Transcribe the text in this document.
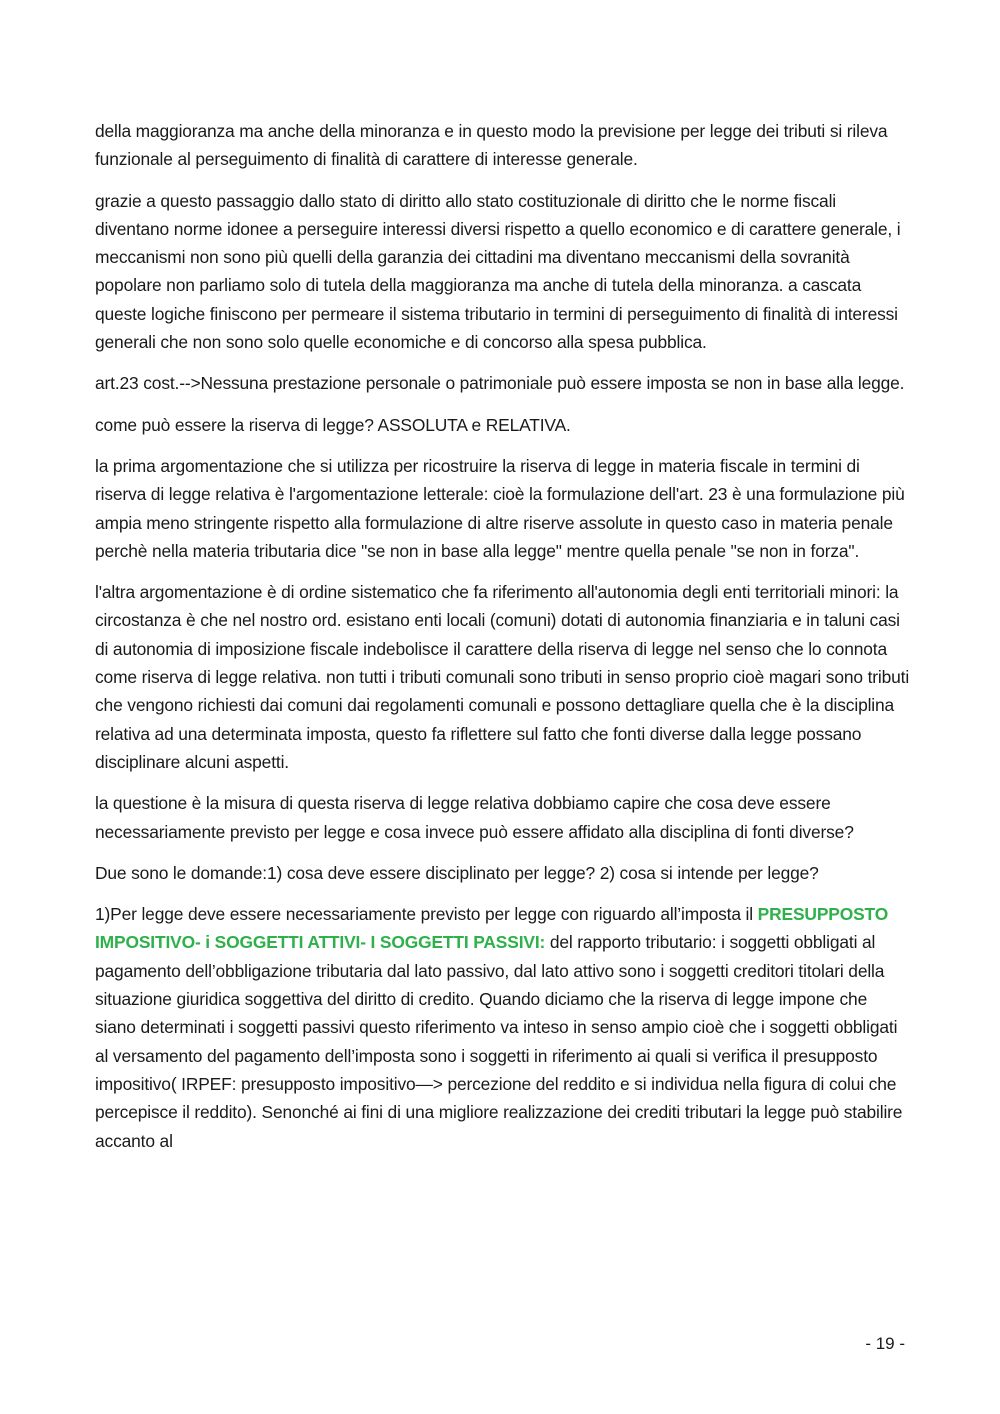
della maggioranza ma anche della minoranza e in questo modo la previsione per legge dei tributi si rileva funzionale al perseguimento di finalità di carattere di interesse generale.

grazie a questo passaggio dallo stato di diritto allo stato costituzionale di diritto che le norme fiscali diventano norme idonee a perseguire interessi diversi rispetto a quello economico e di carattere generale, i meccanismi non sono più quelli della garanzia dei cittadini ma diventano meccanismi della sovranità popolare non parliamo solo di tutela della maggioranza ma anche di tutela della minoranza. a cascata queste logiche finiscono per permeare il sistema tributario in termini di perseguimento di finalità di interessi generali che non sono solo quelle economiche e di concorso alla spesa pubblica.

art.23 cost.-->Nessuna prestazione personale o patrimoniale può essere imposta se non in base alla legge.

come può essere la riserva di legge? ASSOLUTA e RELATIVA.

la prima argomentazione che si utilizza per ricostruire la riserva di legge in materia fiscale in termini di riserva di legge relativa è l'argomentazione letterale: cioè la formulazione dell'art. 23 è una formulazione più ampia meno stringente rispetto alla formulazione di altre riserve assolute in questo caso in materia penale perchè nella materia tributaria dice "se non in base alla legge" mentre quella penale "se non in forza".

l'altra argomentazione è di ordine sistematico che fa riferimento all'autonomia degli enti territoriali minori: la circostanza è che nel nostro ord. esistano enti locali (comuni) dotati di autonomia finanziaria e in taluni casi di autonomia di imposizione fiscale indebolisce il carattere della riserva di legge nel senso che lo connota come riserva di legge relativa. non tutti i tributi comunali sono tributi in senso proprio cioè magari sono tributi che vengono richiesti dai comuni dai regolamenti comunali e possono dettagliare quella che è la disciplina relativa ad una determinata imposta, questo fa riflettere sul fatto che fonti diverse dalla legge possano disciplinare alcuni aspetti.

la questione è la misura di questa riserva di legge relativa dobbiamo capire che cosa deve essere necessariamente previsto per legge e cosa invece può essere affidato alla disciplina di fonti diverse?

Due sono le domande:1) cosa deve essere disciplinato per legge? 2) cosa si intende per legge?

1)Per legge deve essere necessariamente previsto per legge con riguardo all’imposta il PRESUPPOSTO IMPOSITIVO- i SOGGETTI ATTIVI- I SOGGETTI PASSIVI: del rapporto tributario: i soggetti obbligati al pagamento dell’obbligazione tributaria dal lato passivo, dal lato attivo sono i soggetti creditori titolari della situazione giuridica soggettiva del diritto di credito. Quando diciamo che la riserva di legge impone che siano determinati i soggetti passivi questo riferimento va inteso in senso ampio cioè che i soggetti obbligati al versamento del pagamento dell’imposta sono i soggetti in riferimento ai quali si verifica il presupposto impositivo( IRPEF: presupposto impositivo—> percezione del reddito e si individua nella figura di colui che percepisce il reddito). Senonché ai fini di una migliore realizzazione dei crediti tributari la legge può stabilire accanto al

- 19 -
